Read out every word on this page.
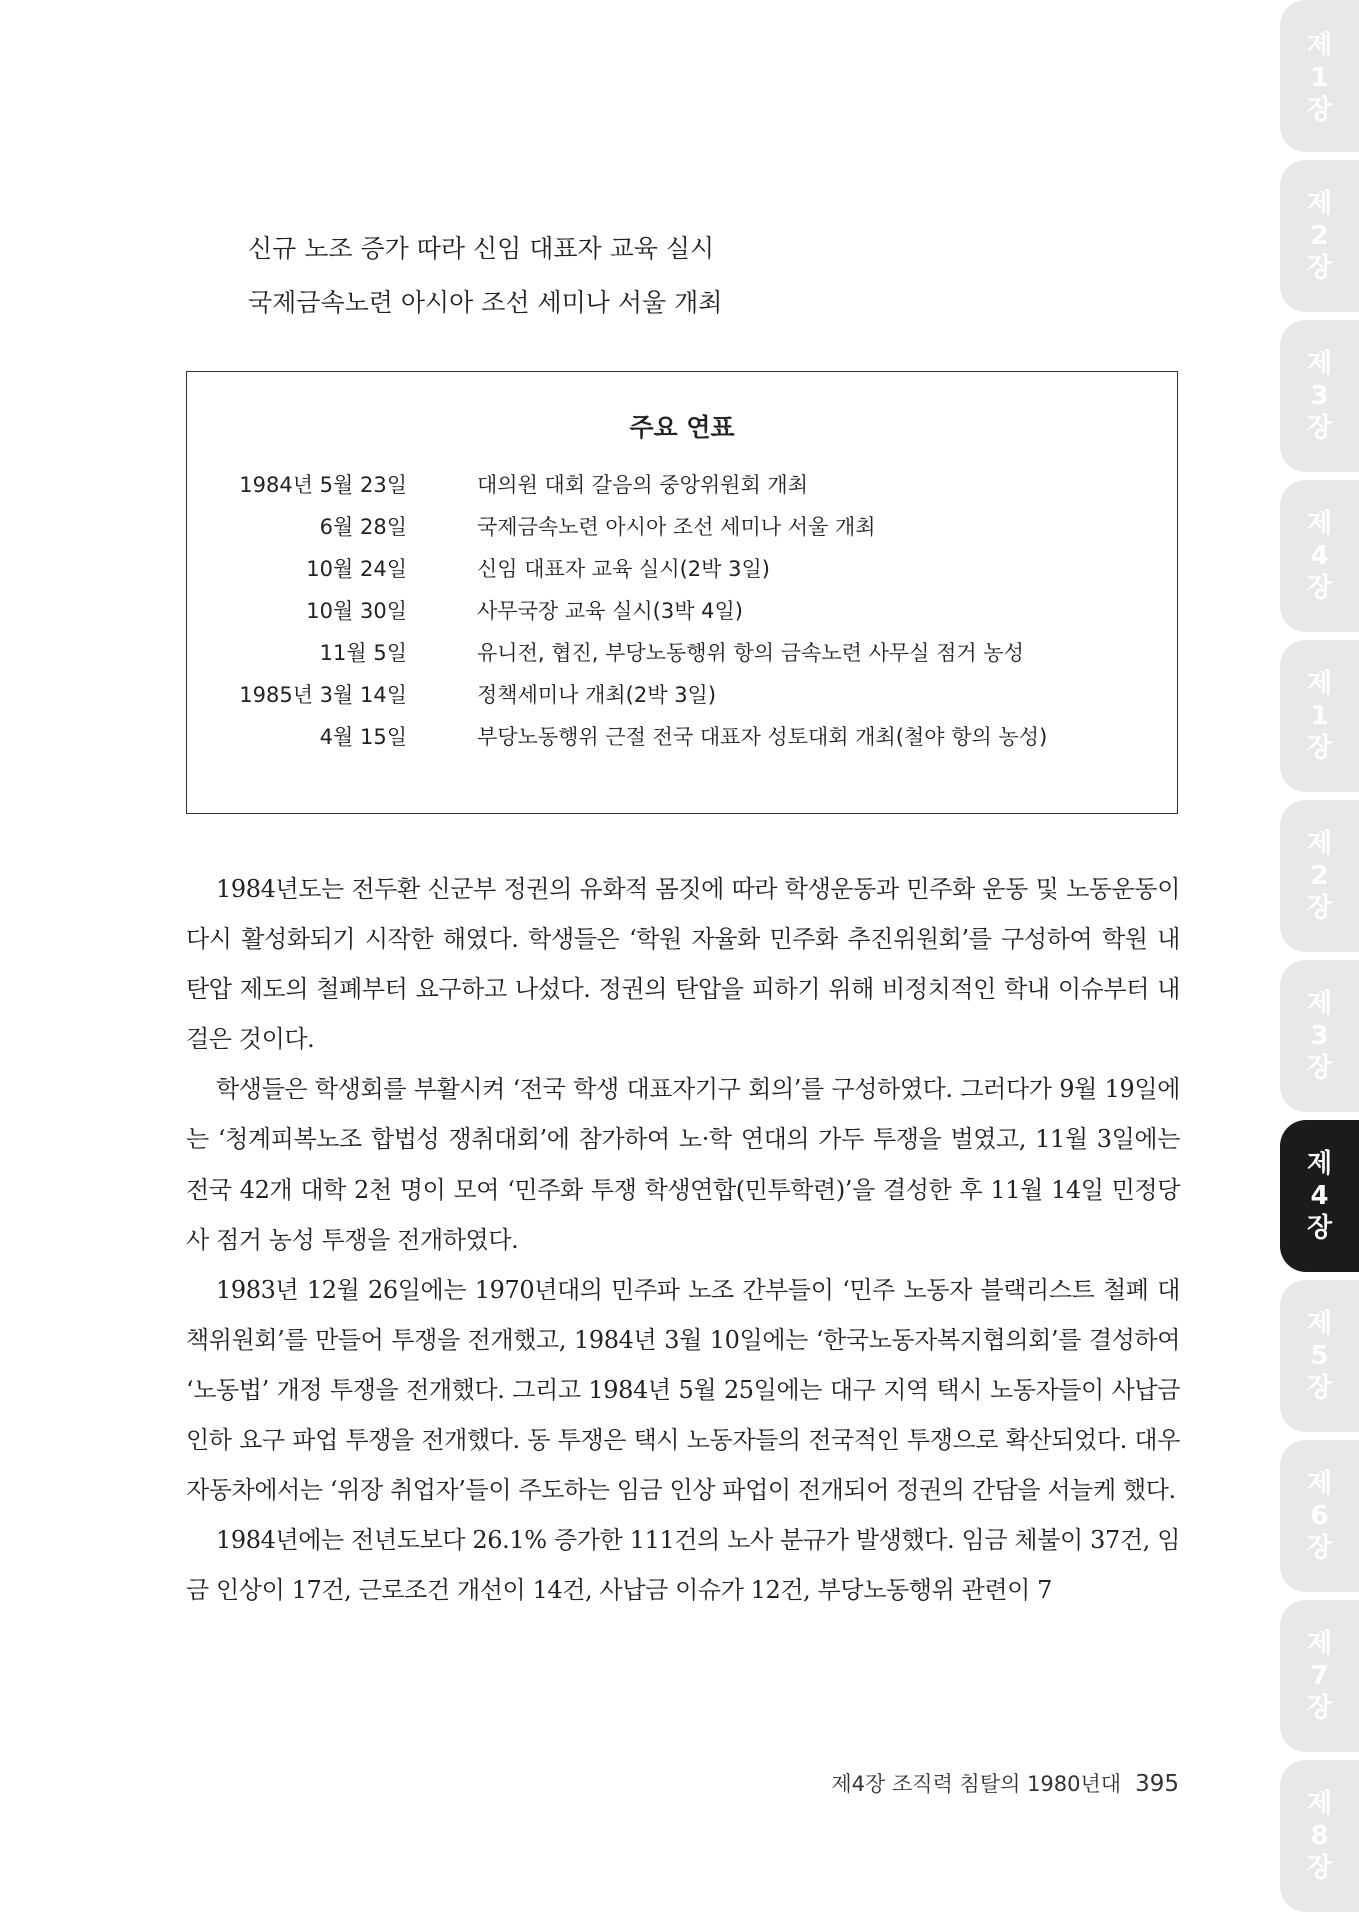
신규 노조 증가 따라 신임 대표자 교육 실시
국제금속노련 아시아 조선 세미나 서울 개최
주요 연표
1984년 5월 23일	대의원 대회 갈음의 중앙위원회 개최
6월 28일	국제금속노련 아시아 조선 세미나 서울 개최
10월 24일	신임 대표자 교육 실시(2박 3일)
10월 30일	사무국장 교육 실시(3박 4일)
11월 5일	유니전, 협진, 부당노동행위 항의 금속노련 사무실 점거 농성
1985년 3월 14일	정책세미나 개최(2박 3일)
4월 15일	부당노동행위 근절 전국 대표자 성토대회 개최(철야 항의 농성)

1984년도는 전두환 신군부 정권의 유화적 몸짓에 따라 학생운동과 민주화 운동 및 노동운동이 다시 활성화되기 시작한 해였다. 학생들은 ‘학원 자율화 민주화 추진위원회’를 구성하여 학원 내 탄압 제도의 철폐부터 요구하고 나섰다. 정권의 탄압을 피하기 위해 비정치적인 학내 이슈부터 내걸은 것이다.

학생들은 학생회를 부활시켜 ‘전국 학생 대표자기구 회의’를 구성하였다. 그러다가 9월 19일에는 ‘청계피복노조 합법성 쟁취대회’에 참가하여 노·학 연대의 가두 투쟁을 벌였고, 11월 3일에는 전국 42개 대학 2천 명이 모여 ‘민주화 투쟁 학생연합(민투학련)’을 결성한 후 11월 14일 민정당사 점거 농성 투쟁을 전개하였다.

1983년 12월 26일에는 1970년대의 민주파 노조 간부들이 ‘민주 노동자 블랙리스트 철폐 대책위원회’를 만들어 투쟁을 전개했고, 1984년 3월 10일에는 ‘한국노동자복지협의회’를 결성하여 ‘노동법’ 개정 투쟁을 전개했다. 그리고 1984년 5월 25일에는 대구 지역 택시 노동자들이 사납금 인하 요구 파업 투쟁을 전개했다. 동 투쟁은 택시 노동자들의 전국적인 투쟁으로 확산되었다. 대우자동차에서는 ‘위장 취업자’들이 주도하는 임금 인상 파업이 전개되어 정권의 간담을 서늘케 했다.

1984년에는 전년도보다 26.1% 증가한 111건의 노사 분규가 발생했다. 임금 체불이 37건, 임금 인상이 17건, 근로조건 개선이 14건, 사납금 이슈가 12건, 부당노동행위 관련이 7

제4장 조직력 침탈의 1980년대 395
제
1
장
제
2
장
제
3
장
제
4
장
제
1
장
제
2
장
제
3
장
제
4
장
제
5
장
제
6
장
제
7
장
제
8
장
